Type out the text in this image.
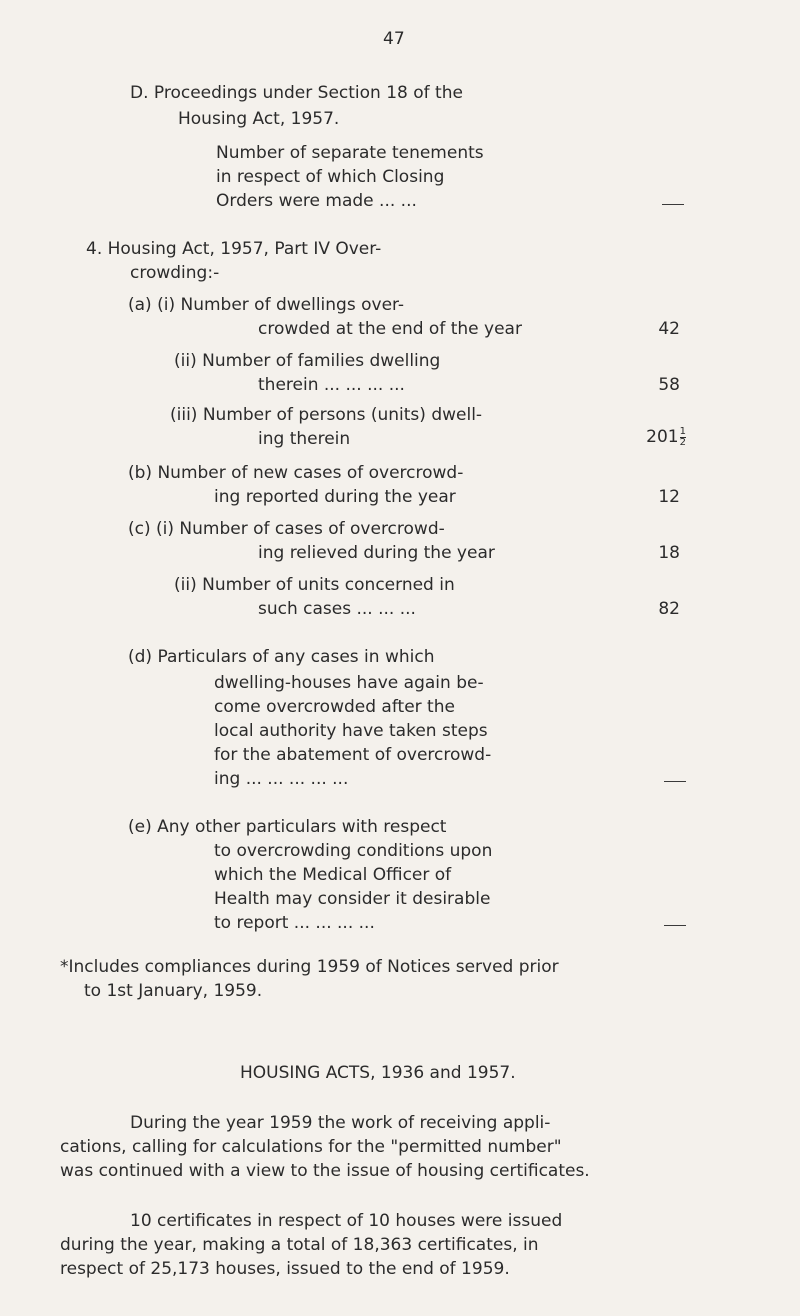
47
D. Proceedings under Section 18 of the
Housing Act, 1957.
Number of separate tenements
in respect of which Closing
Orders were made ... ...
4. Housing Act, 1957, Part IV Over-
crowding:-
(a) (i) Number of dwellings over-
crowded at the end of the year	42
(ii) Number of families dwelling
therein ... ... ... ...	58
(iii) Number of persons (units) dwell-
ing therein	$201 \frac{1}{2}$
(b) Number of new cases of overcrowd-
ing reported during the year	12
(c) (i) Number of cases of overcrowd-
ing relieved during the year	18
(ii) Number of units concerned in
such cases ... ... ...	82
(d) Particulars of any cases in which
dwelling-houses have again be-
come overcrowded after the
local authority have taken steps
for the abatement of overcrowd-
ing ... ... ... ... ...
(e) Any other particulars with respect
to overcrowding conditions upon
which the Medical Officer of
Health may consider it desirable
to report ... ... ... ...
*Includes compliances during 1959 of Notices served prior
to 1st January, 1959.
HOUSING ACTS, 1936 and 1957.
During the year 1959 the work of receiving appli-
cations, calling for calculations for the "permitted number"
was continued with a view to the issue of housing certificates.
10 certificates in respect of 10 houses were issued
during the year, making a total of 18,363 certificates, in
respect of 25,173 houses, issued to the end of 1959.
